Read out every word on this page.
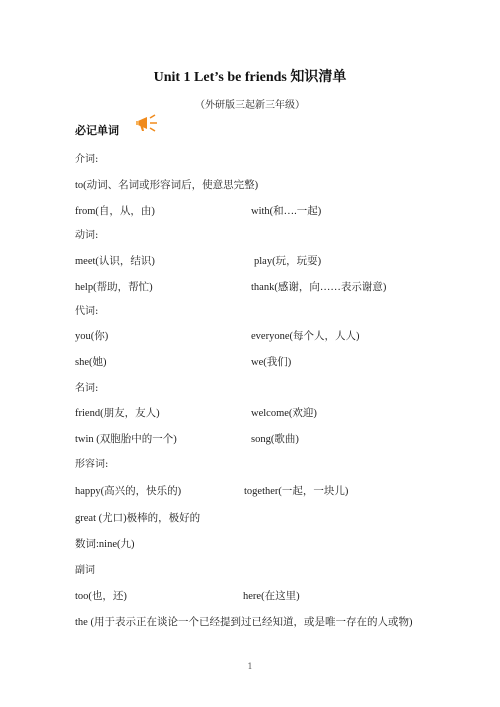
Unit 1 Let’s be friends 知识清单
（外研版三起新三年级）
必记单词
介词:
to(动词、名词或形容词后，使意思完整)
from(自，从，由)	with(和….一起)
动词:
meet(认识，结识)	play(玩，玩耍)
help(帮助，帮忙)	thank(感谢，向……表示谢意)
代词:
you(你)	everyone(每个人，人人)
she(她)	we(我们)
名词:
friend(朋友，友人)	welcome(欢迎)
twin (双胞胎中的一个)	song(歌曲)
形容词:
happy(高兴的，快乐的)	together(一起，一块儿)
great (尤口)极棒的，极好的
数词:nine(九)
副词
too(也，还)	here(在这里)
the (用于表示正在谈论一个已经提到过已经知道，或是唯一存在的人或物)
1
